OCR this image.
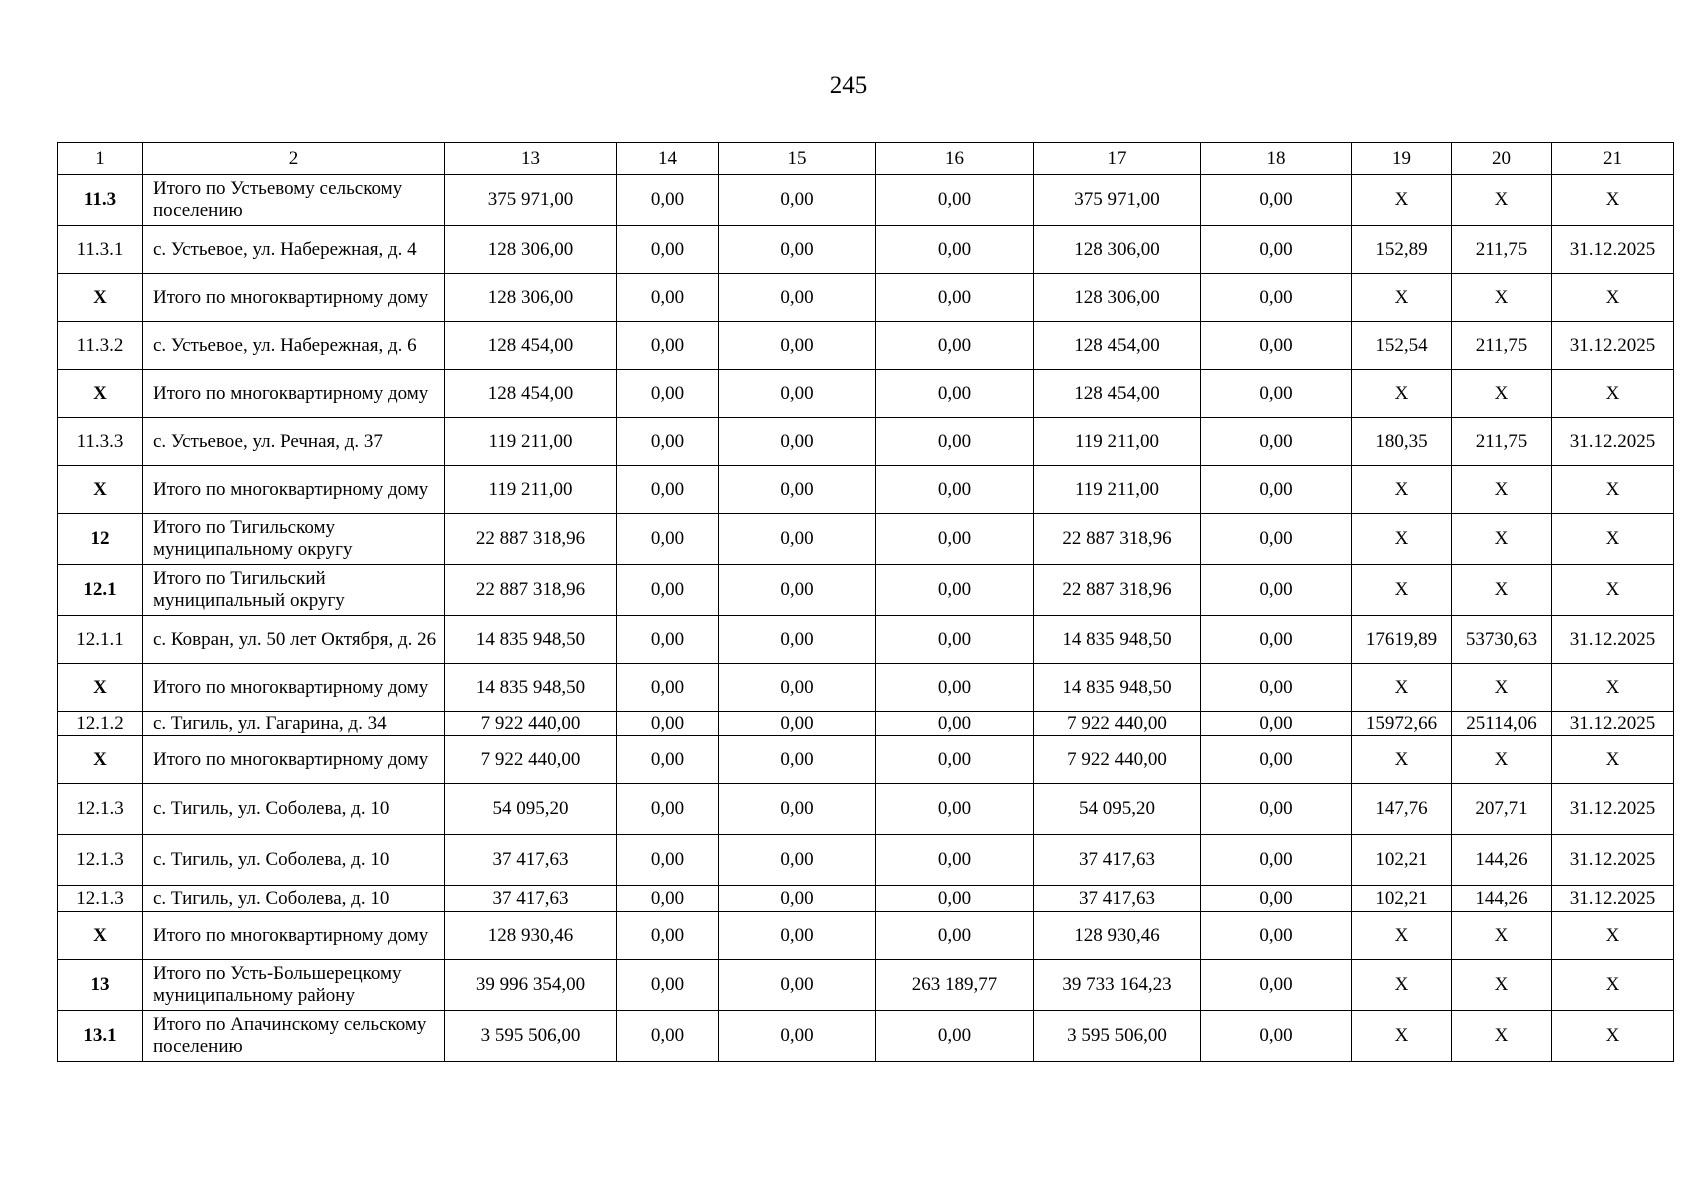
245
1	2	13	14	15	16	17	18	19	20	21
11.3	Итого по Устьевому сельскому поселению	375 971,00	0,00	0,00	0,00	375 971,00	0,00	Х	Х	Х
11.3.1	с. Устьевое, ул. Набережная, д. 4	128 306,00	0,00	0,00	0,00	128 306,00	0,00	152,89	211,75	31.12.2025
Х	Итого по многоквартирному дому	128 306,00	0,00	0,00	0,00	128 306,00	0,00	Х	Х	Х
11.3.2	с. Устьевое, ул. Набережная, д. 6	128 454,00	0,00	0,00	0,00	128 454,00	0,00	152,54	211,75	31.12.2025
Х	Итого по многоквартирному дому	128 454,00	0,00	0,00	0,00	128 454,00	0,00	Х	Х	Х
11.3.3	с. Устьевое, ул. Речная, д. 37	119 211,00	0,00	0,00	0,00	119 211,00	0,00	180,35	211,75	31.12.2025
Х	Итого по многоквартирному дому	119 211,00	0,00	0,00	0,00	119 211,00	0,00	Х	Х	Х
12	Итого по Тигильскому муниципальному округу	22 887 318,96	0,00	0,00	0,00	22 887 318,96	0,00	Х	Х	Х
12.1	Итого по Тигильский муниципальный округу	22 887 318,96	0,00	0,00	0,00	22 887 318,96	0,00	Х	Х	Х
12.1.1	с. Ковран, ул. 50 лет Октября, д. 26	14 835 948,50	0,00	0,00	0,00	14 835 948,50	0,00	17619,89	53730,63	31.12.2025
Х	Итого по многоквартирному дому	14 835 948,50	0,00	0,00	0,00	14 835 948,50	0,00	Х	Х	Х
12.1.2	с. Тигиль, ул. Гагарина, д. 34	7 922 440,00	0,00	0,00	0,00	7 922 440,00	0,00	15972,66	25114,06	31.12.2025
Х	Итого по многоквартирному дому	7 922 440,00	0,00	0,00	0,00	7 922 440,00	0,00	Х	Х	Х
12.1.3	с. Тигиль, ул. Соболева, д. 10	54 095,20	0,00	0,00	0,00	54 095,20	0,00	147,76	207,71	31.12.2025
12.1.3	с. Тигиль, ул. Соболева, д. 10	37 417,63	0,00	0,00	0,00	37 417,63	0,00	102,21	144,26	31.12.2025
12.1.3	с. Тигиль, ул. Соболева, д. 10	37 417,63	0,00	0,00	0,00	37 417,63	0,00	102,21	144,26	31.12.2025
Х	Итого по многоквартирному дому	128 930,46	0,00	0,00	0,00	128 930,46	0,00	Х	Х	Х
13	Итого по Усть-Большерецкому муниципальному району	39 996 354,00	0,00	0,00	263 189,77	39 733 164,23	0,00	Х	Х	Х
13.1	Итого по Апачинскому сельскому поселению	3 595 506,00	0,00	0,00	0,00	3 595 506,00	0,00	Х	Х	Х
